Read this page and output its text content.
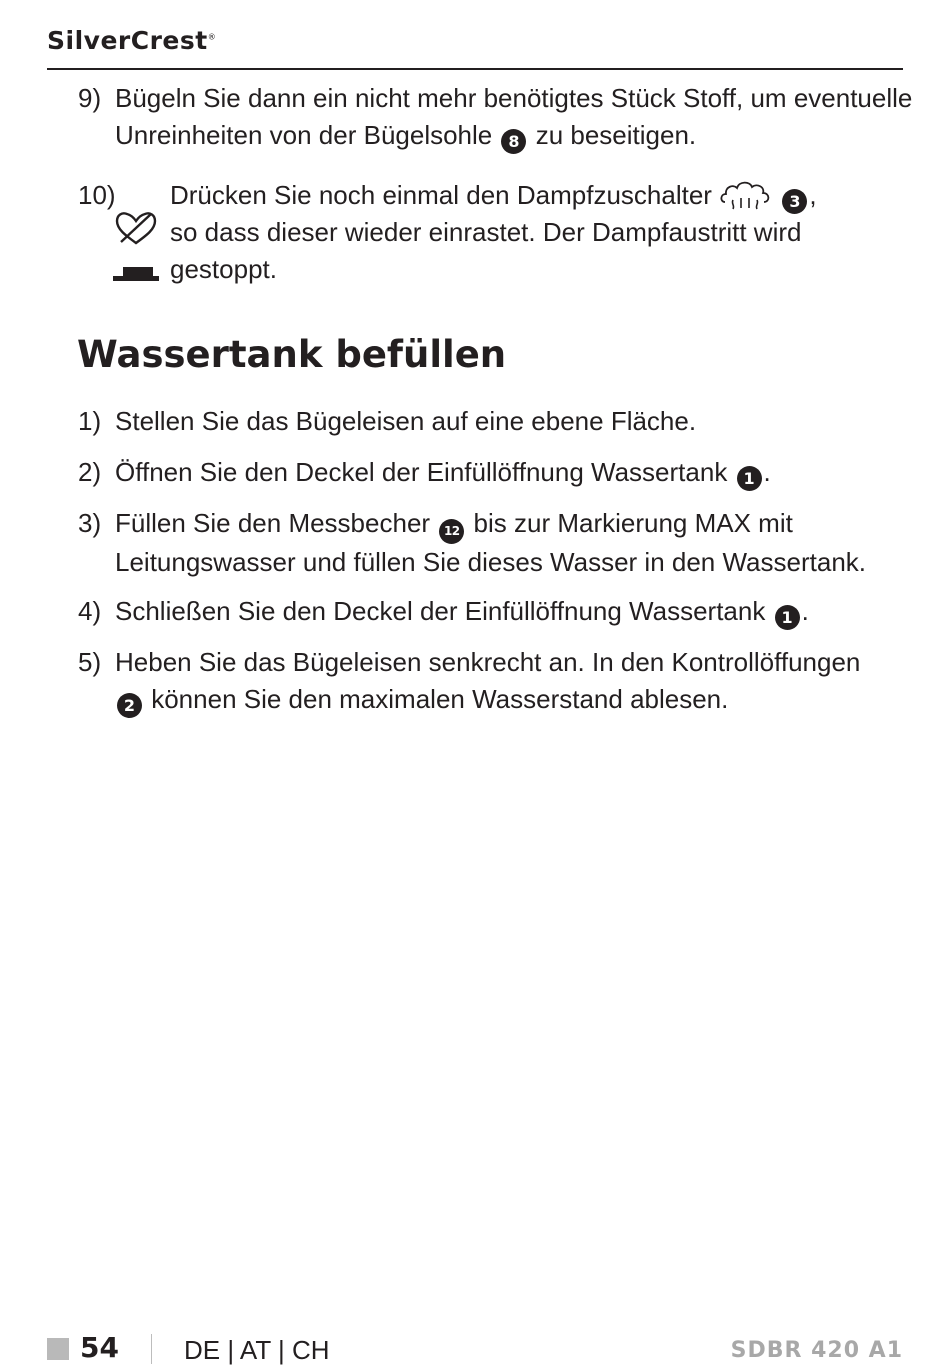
SilverCrest®
9) Bügeln Sie dann ein nicht mehr benötigtes Stück Stoff, um eventuelle
Unreinheiten von der Bügelsohle 8 zu beseitigen.
10) Drücken Sie noch einmal den Dampfzuschalter	3 ,
so dass dieser wieder einrastet. Der Dampfaustritt wird
gestoppt.
Wassertank befüllen
1) Stellen Sie das Bügeleisen auf eine ebene Fläche.
2) Öffnen Sie den Deckel der Einfüllöffnung Wassertank 1 .
3) Füllen Sie den Messbecher 12 bis zur Markierung MAX mit
Leitungswasser und füllen Sie dieses Wasser in den Wassertank.
4) Schließen Sie den Deckel der Einfüllöffnung Wassertank 1 .
5) Heben Sie das Bügeleisen senkrecht an. In den Kontrollöffungen
2 können Sie den maximalen Wasserstand ablesen.
54	DE | AT | CH	SDBR 420 A1
